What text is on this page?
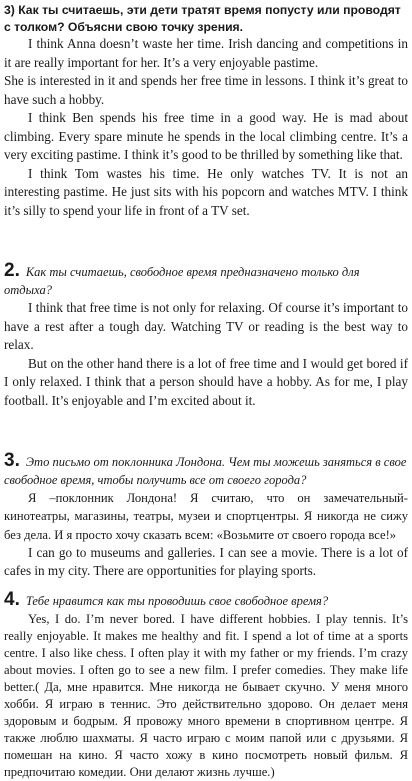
3) Как ты считаешь, эти дети тратят время попусту или проводят с толком? Объясни свою точку зрения.

I think Anna doesn’t waste her time. Irish dancing and competitions in it are really important for her. It’s a very enjoyable pastime.

She is interested in it and spends her free time in lessons. I think it’s great to have such a hobby.

I think Ben spends his free time in a good way. He is mad about climbing. Every spare minute he spends in the local climbing centre. It’s a very exciting pastime. I think it’s good to be thrilled by something like that.

I think Tom wastes his time. He only watches TV. It is not an interesting pastime. He just sits with his popcorn and watches MTV. I think it’s silly to spend your life in front of a TV set.

2. Как ты считаешь, свободное время предназначено только для отдыха?

I think that free time is not only for relaxing. Of course it’s important to have a rest after a tough day. Watching TV or reading is the best way to relax.

But on the other hand there is a lot of free time and I would get bored if I only relaxed. I think that a person should have a hobby. As for me, I play football. It’s enjoyable and I’m excited about it.

3. Это письмо от поклонника Лондона. Чем ты можешь заняться в свое свободное время, чтобы получить все от своего города?

Я –поклонник Лондона! Я считаю, что он замечательный- кинотеатры, магазины, театры, музеи и спортцентры. Я никогда не сижу без дела. И я просто хочу сказать всем: «Возьмите от своего города все!»

I can go to museums and galleries. I can see a movie. There is a lot of cafes in my city. There are opportunities for playing sports.

4. Тебе нравится как ты проводишь свое свободное время?

Yes, I do. I’m never bored. I have different hobbies. I play tennis. It’s really enjoyable. It makes me healthy and fit. I spend a lot of time at a sports centre. I also like chess. I often play it with my father or my friends. I’m crazy about movies. I often go to see a new film. I prefer comedies. They make life better.( Да, мне нравится. Мне никогда не бывает скучно. У меня много хобби. Я играю в теннис. Это действительно здорово. Он делает меня здоровым и бодрым. Я провожу много времени в спортивном центре. Я также люблю шахматы. Я часто играю с моим папой или с друзьями. Я помешан на кино. Я часто хожу в кино посмотреть новый фильм. Я предпочитаю комедии. Они делают жизнь лучше.)
